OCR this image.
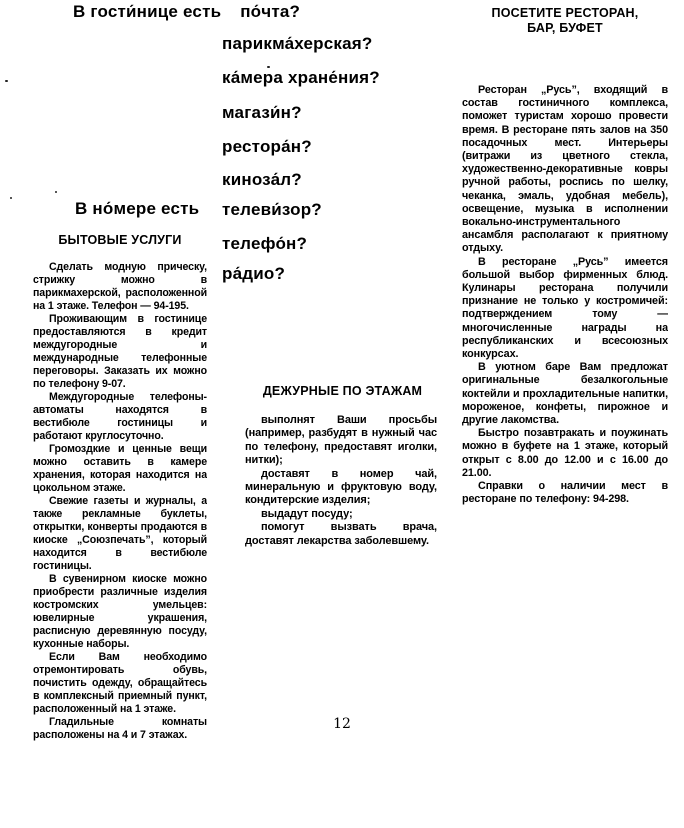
В гости́нице есть по́чта?
парикма́херская?
ка́мера хране́ния?
магази́н?
рестора́н?
киноза́л?
телеви́зор?
телефо́н?
ра́дио?
В но́мере есть
БЫТОВЫЕ УСЛУГИ

Сделать модную прическу, стрижку можно в парикмахерской, расположенной на 1 этаже. Телефон — 94-195.

Проживающим в гостинице предоставляются в кредит междугородные и международные телефонные переговоры. Заказать их можно по телефону 9-07.

Междугородные телефоны-автоматы находятся в вестибюле гостиницы и работают круглосуточно.

Громоздкие и ценные вещи можно оставить в камере хранения, которая находится на цокольном этаже.

Свежие газеты и журналы, а также рекламные буклеты, открытки, конверты продаются в киоске „Союзпечать”, который находится в вестибюле гостиницы.

В сувенирном киоске можно приобрести различные изделия костромских умельцев: ювелирные украшения, расписную деревянную посуду, кухонные наборы.

Если Вам необходимо отремонтировать обувь, почистить одежду, обращайтесь в комплексный приемный пункт, расположенный на 1 этаже.

Гладильные комнаты расположены на 4 и 7 этажах.

ДЕЖУРНЫЕ ПО ЭТАЖАМ

выполнят Ваши просьбы (например, разбудят в нужный час по телефону, предоставят иголки, нитки);

доставят в номер чай, минеральную и фруктовую воду, кондитерские изделия;

выдадут посуду;

помогут вызвать врача, доставят лекарства заболевшему.

ПОСЕТИТЕ РЕСТОРАН,
БАР, БУФЕТ

Ресторан „Русь”, входящий в состав гостиничного комплекса, поможет туристам хорошо провести время. В ресторане пять залов на 350 посадочных мест. Интерьеры (витражи из цветного стекла, художественно-декоративные ковры ручной работы, роспись по шелку, чеканка, эмаль, удобная мебель), освещение, музыка в исполнении вокально-инструментального ансамбля располагают к приятному отдыху.

В ресторане „Русь” имеется большой выбор фирменных блюд. Кулинары ресторана получили признание не только у костромичей: подтверждением тому — многочисленные награды на республиканских и всесоюзных конкурсах.

В уютном баре Вам предложат оригинальные безалкогольные коктейли и прохладительные напитки, мороженое, конфеты, пирожное и другие лакомства.

Быстро позавтракать и поужинать можно в буфете на 1 этаже, который открыт с 8.00 до 12.00 и с 16.00 до 21.00.

Справки о наличии мест в ресторане по телефону: 94-298.

12
